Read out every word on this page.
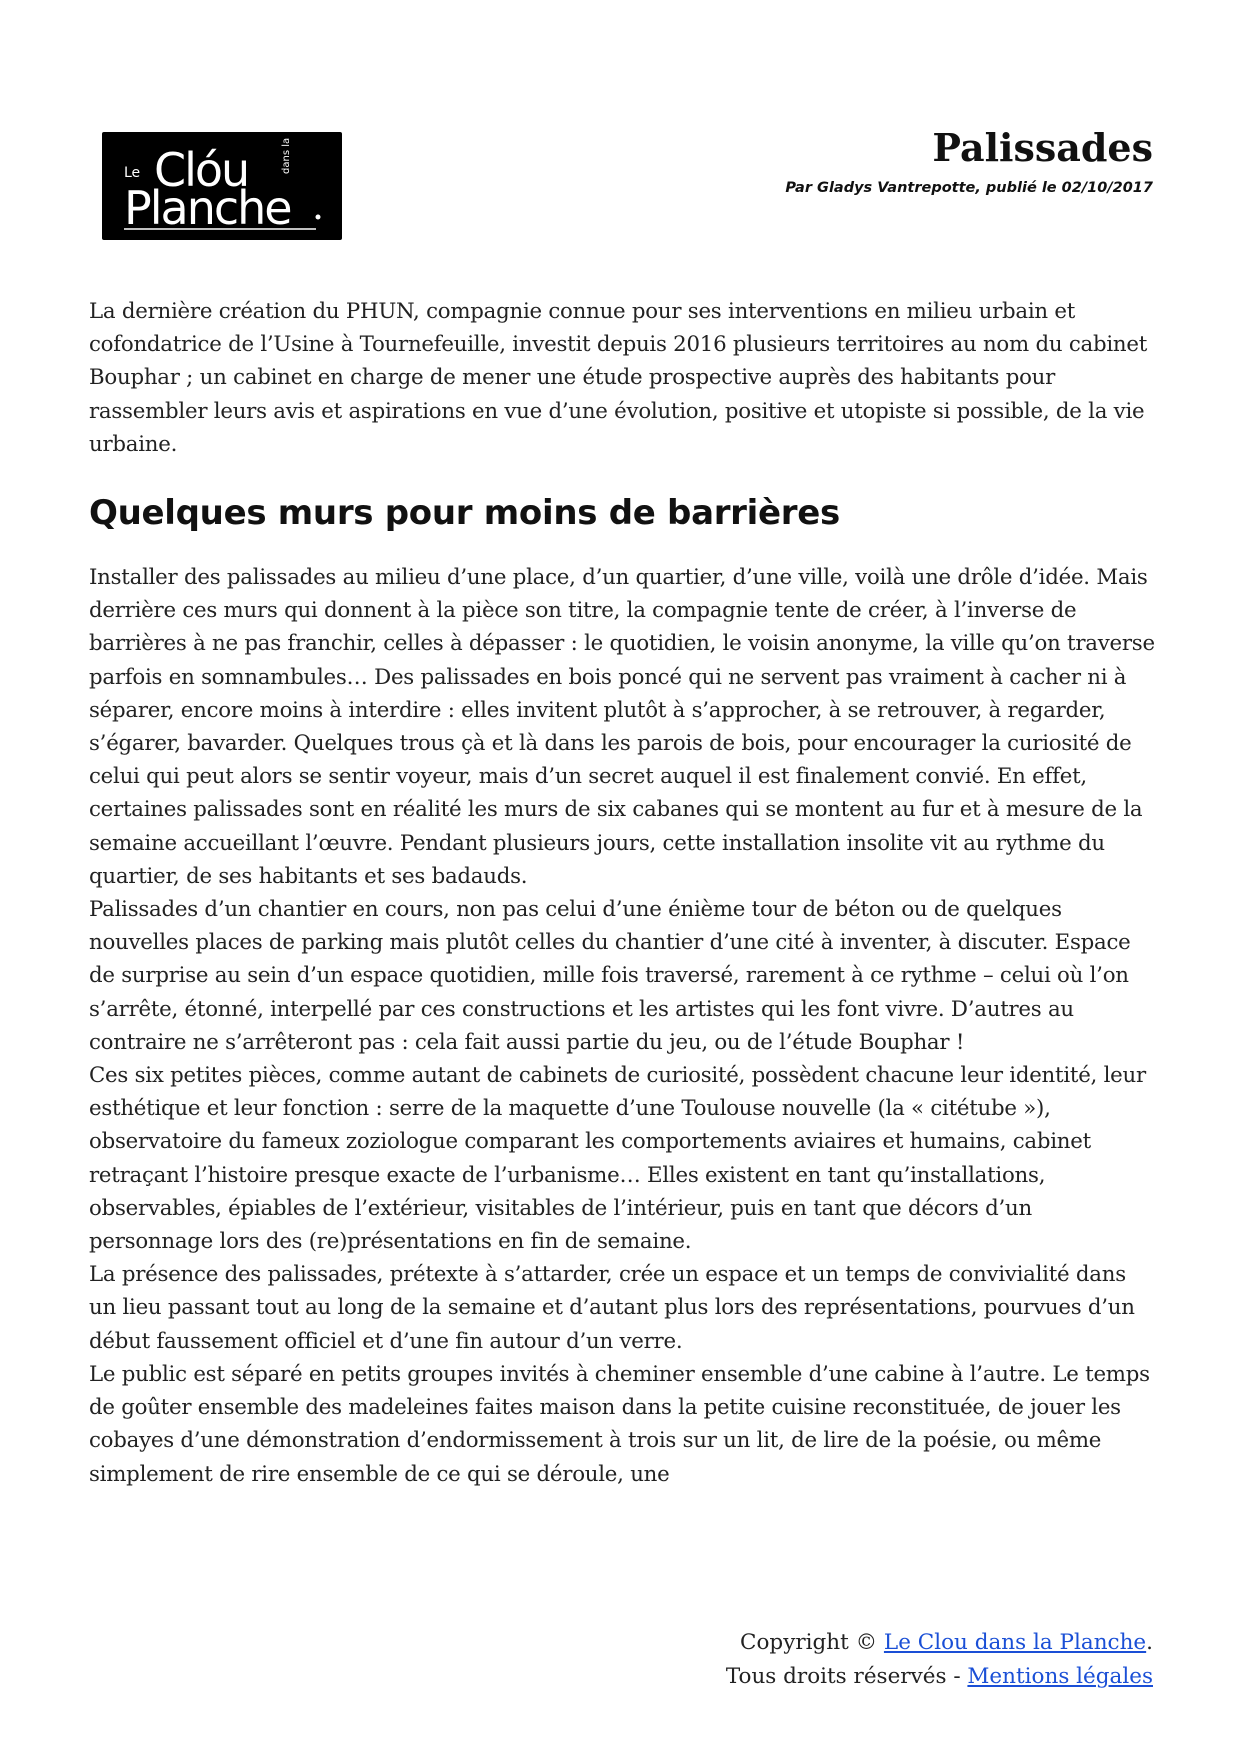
Le Clóu	dans la
Planche
Palissades
Par Gladys Vantrepotte, publié le 02/10/2017

La dernière création du PHUN, compagnie connue pour ses interventions en milieu urbain et cofondatrice de l’Usine à Tournefeuille, investit depuis 2016 plusieurs territoires au nom du cabinet Bouphar ; un cabinet en charge de mener une étude prospective auprès des habitants pour rassembler leurs avis et aspirations en vue d’une évolution, positive et utopiste si possible, de la vie urbaine.

Quelques murs pour moins de barrières

Installer des palissades au milieu d’une place, d’un quartier, d’une ville, voilà une drôle d’idée. Mais derrière ces murs qui donnent à la pièce son titre, la compagnie tente de créer, à l’inverse de barrières à ne pas franchir, celles à dépasser : le quotidien, le voisin anonyme, la ville qu’on traverse parfois en somnambules… Des palissades en bois poncé qui ne servent pas vraiment à cacher ni à séparer, encore moins à interdire : elles invitent plutôt à s’approcher, à se retrouver, à regarder, s’égarer, bavarder. Quelques trous çà et là dans les parois de bois, pour encourager la curiosité de celui qui peut alors se sentir voyeur, mais d’un secret auquel il est finalement convié. En effet, certaines palissades sont en réalité les murs de six cabanes qui se montent au fur et à mesure de la semaine accueillant l’œuvre. Pendant plusieurs jours, cette installation insolite vit au rythme du quartier, de ses habitants et ses badauds.

Palissades d’un chantier en cours, non pas celui d’une énième tour de béton ou de quelques nouvelles places de parking mais plutôt celles du chantier d’une cité à inventer, à discuter. Espace de surprise au sein d’un espace quotidien, mille fois traversé, rarement à ce rythme – celui où l’on s’arrête, étonné, interpellé par ces constructions et les artistes qui les font vivre. D’autres au contraire ne s’arrêteront pas : cela fait aussi partie du jeu, ou de l’étude Bouphar !

Ces six petites pièces, comme autant de cabinets de curiosité, possèdent chacune leur identité, leur esthétique et leur fonction : serre de la maquette d’une Toulouse nouvelle (la « citétube »), observatoire du fameux zoziologue comparant les comportements aviaires et humains, cabinet retraçant l’histoire presque exacte de l’urbanisme… Elles existent en tant qu’installations, observables, épiables de l’extérieur, visitables de l’intérieur, puis en tant que décors d’un personnage lors des (re)présentations en fin de semaine.

La présence des palissades, prétexte à s’attarder, crée un espace et un temps de convivialité dans un lieu passant tout au long de la semaine et d’autant plus lors des représentations, pourvues d’un début faussement officiel et d’une fin autour d’un verre.

Le public est séparé en petits groupes invités à cheminer ensemble d’une cabine à l’autre. Le temps de goûter ensemble des madeleines faites maison dans la petite cuisine reconstituée, de jouer les cobayes d’une démonstration d’endormissement à trois sur un lit, de lire de la poésie, ou même simplement de rire ensemble de ce qui se déroule, une

Copyright © Le Clou dans la Planche.
Tous droits réservés - Mentions légales
